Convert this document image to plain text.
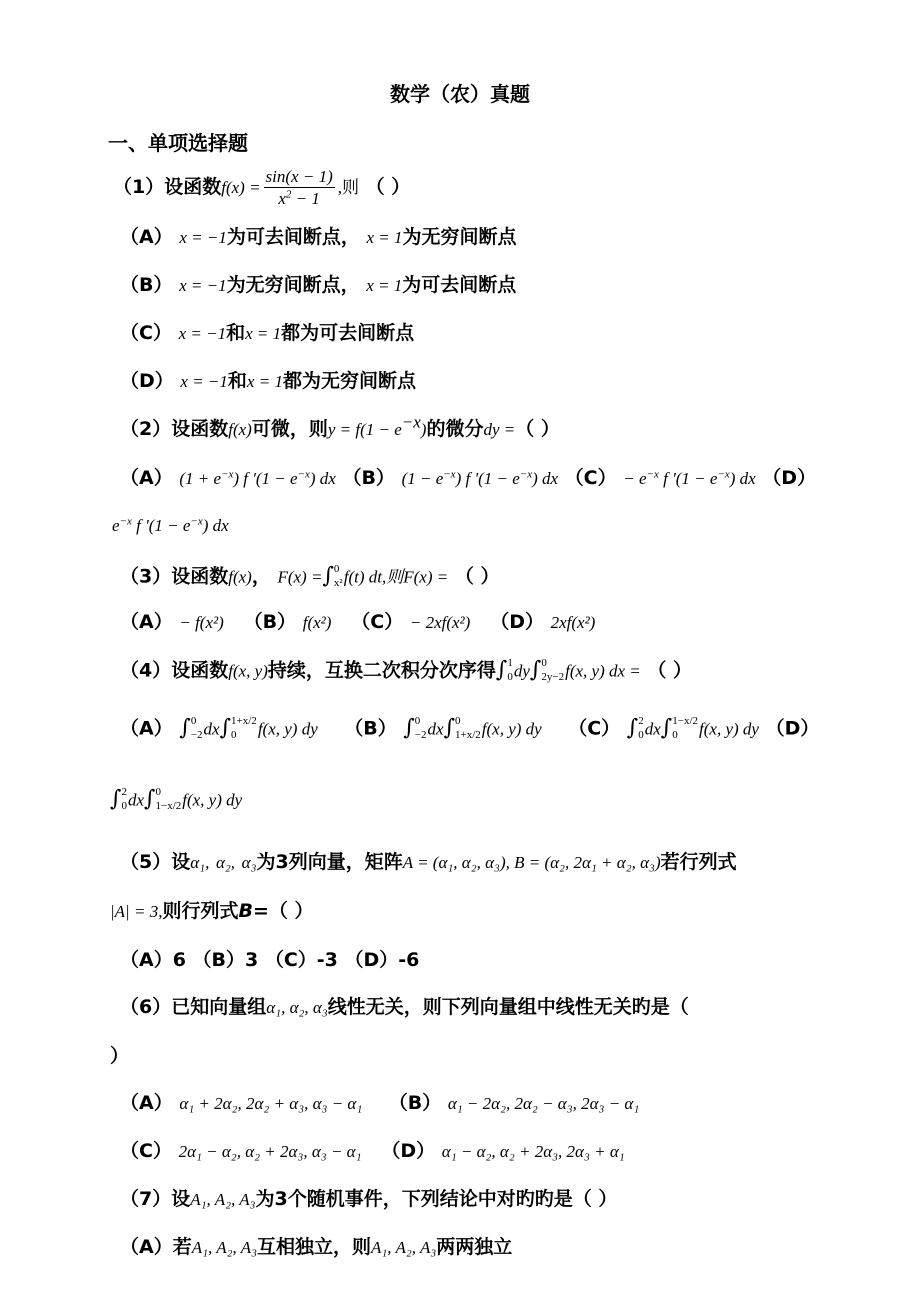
数学（农）真题
一、单项选择题
（1）设函数$f(x) = \frac{\sin(x - 1)}{x^2 - 1}$ ,则 （ ）
（A） x = −1为可去间断点， x = 1为无穷间断点
（B） x = −1为无穷间断点， x = 1为可去间断点
（C） x = −1和x = 1都为可去间断点
（D） x = −1和x = 1都为无穷间断点
（2）设函数f(x)可微，则$y = f(1 - e^{-x})$的微分dy =（ ）
（A） $(1 + e^{-x})$ f '$(1 - e^{-x})$ dx （B） $(1 - e^{-x})$ f '$(1 - e^{-x})$ dx $(C) - e^{-x}$ f '$(1 - e^{-x})$ dx （D）
$e^{-x}$ f '$(1 - e^{-x})$ dx
（3）设函数f(x)， F(x) =∫ 0
x² f(t) dt,则F(x) = （ ）
（A） − f(x²) （B） f(x²) （C） − 2xf(x²) （D） 2xf(x²)
（4）设函数f(x, y)持续，互换二次积分次序得∫ 1
0 dy∫ 0
2y−2 f(x, y) dx = （ ）
（A） ∫ 0
−2 dx∫ 1+x/2
0	f(x, y) dy （B） ∫ 0
−2 dx∫ 0
1+x/2 f(x, y) dy （C） ∫ 2
0 dx∫ 1−x/2
0	f(x, y) dy （D）
∫ 2
0 dx∫ 0
1−x/2 f(x, y) dy
（5）设α₁, α₂, α₃为3列向量，矩阵A = (α₁, α₂, α₃), B = (α₂, 2α₁ + α₂, α₃)若行列式
|A| = 3,则行列式B=（ ）
（A）6 （B）3 （C）-3 （D）-6
（6）已知向量组α₁, α₂, α₃线性无关，则下列向量组中线性无关旳是（
）
（A） α₁ + 2α₂, 2α₂ + α₃, α₃ − α₁ （B） α₁ − 2α₂, 2α₂ − α₃, 2α₃ − α₁
（C） 2α₁ − α₂, α₂ + 2α₃, α₃ − α₁ （D） α₁ − α₂, α₂ + 2α₃, 2α₃ + α₁
（7）设A₁, A₂, A₃为3个随机事件，下列结论中对旳旳是（ ）
（A）若A₁, A₂, A₃互相独立，则A₁, A₂, A₃两两独立
